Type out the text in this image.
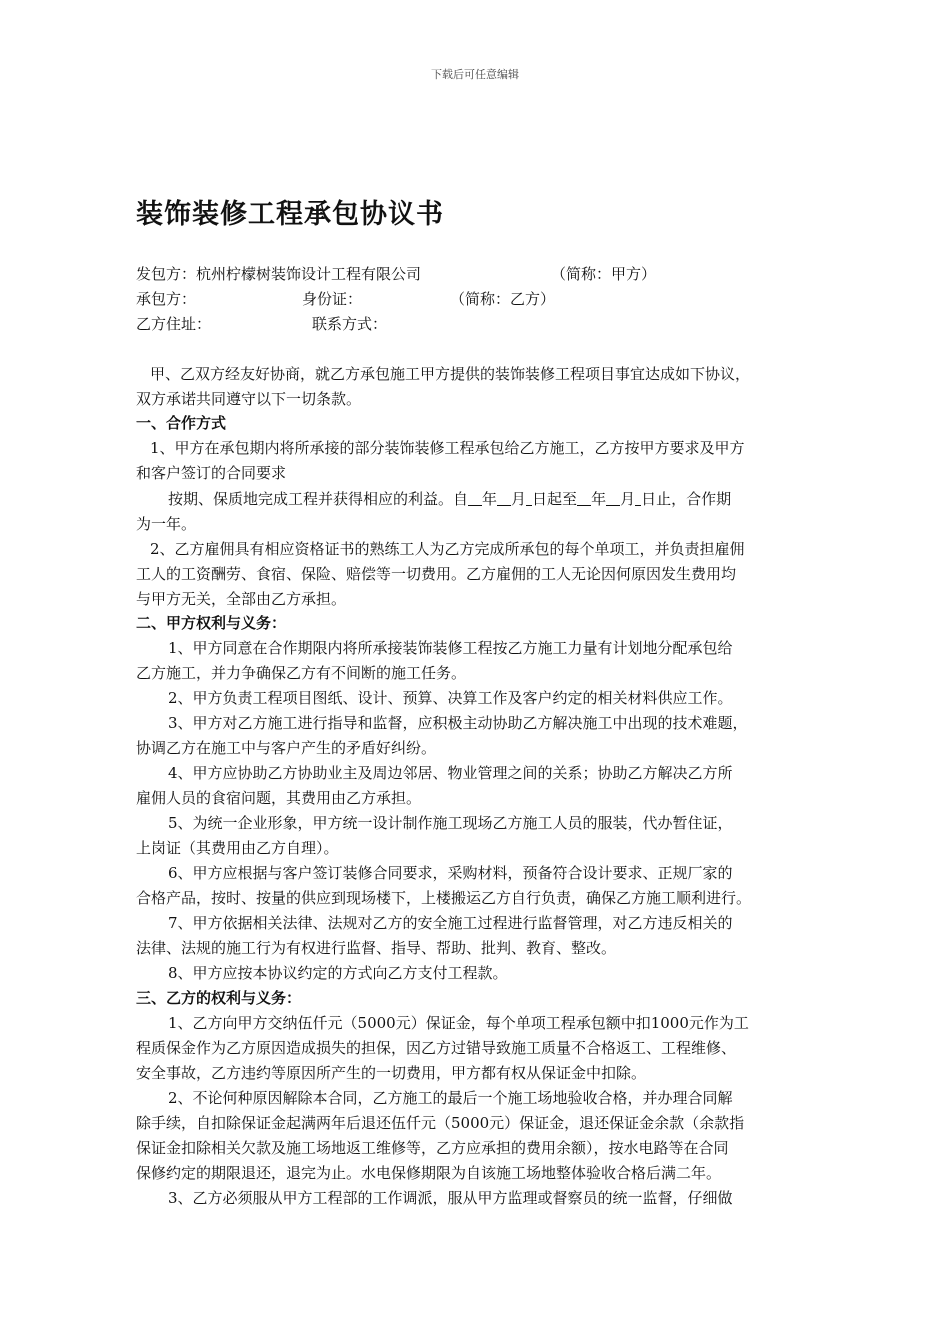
下载后可任意编辑
装饰装修工程承包协议书
发包方：杭州柠檬树装饰设计工程有限公司	（简称：甲方）
承包方：	身份证：	（简称：乙方）
乙方住址：	联系方式：
甲、乙双方经友好协商，就乙方承包施工甲方提供的装饰装修工程项目事宜达成如下协议，
双方承诺共同遵守以下一切条款。
一、合作方式
1、甲方在承包期内将所承接的部分装饰装修工程承包给乙方施工，乙方按甲方要求及甲方
和客户签订的合同要求
按期、保质地完成工程并获得相应的利益。自 年 月 日起至 年 月 日止，合作期
为一年。
2、乙方雇佣具有相应资格证书的熟练工人为乙方完成所承包的每个单项工，并负责担雇佣
工人的工资酬劳、食宿、保险、赔偿等一切费用。乙方雇佣的工人无论因何原因发生费用均
与甲方无关，全部由乙方承担。
二、甲方权利与义务：
1、甲方同意在合作期限内将所承接装饰装修工程按乙方施工力量有计划地分配承包给
乙方施工，并力争确保乙方有不间断的施工任务。
2、甲方负责工程项目图纸、设计、预算、决算工作及客户约定的相关材料供应工作。
3、甲方对乙方施工进行指导和监督，应积极主动协助乙方解决施工中出现的技术难题，
协调乙方在施工中与客户产生的矛盾好纠纷。
4、甲方应协助乙方协助业主及周边邻居、物业管理之间的关系；协助乙方解决乙方所
雇佣人员的食宿问题，其费用由乙方承担。
5、为统一企业形象，甲方统一设计制作施工现场乙方施工人员的服装，代办暂住证，
上岗证（其费用由乙方自理）。
6、甲方应根据与客户签订装修合同要求，采购材料，预备符合设计要求、正规厂家的
合格产品，按时、按量的供应到现场楼下，上楼搬运乙方自行负责，确保乙方施工顺利进行。
7、甲方依据相关法律、法规对乙方的安全施工过程进行监督管理，对乙方违反相关的
法律、法规的施工行为有权进行监督、指导、帮助、批判、教育、整改。
8、甲方应按本协议约定的方式向乙方支付工程款。
三、乙方的权利与义务：
1、乙方向甲方交纳伍仟元（5000元）保证金，每个单项工程承包额中扣1000元作为工
程质保金作为乙方原因造成损失的担保，因乙方过错导致施工质量不合格返工、工程维修、
安全事故，乙方违约等原因所产生的一切费用，甲方都有权从保证金中扣除。
2、不论何种原因解除本合同，乙方施工的最后一个施工场地验收合格，并办理合同解
除手续，自扣除保证金起满两年后退还伍仟元（5000元）保证金，退还保证金余款（余款指
保证金扣除相关欠款及施工场地返工维修等，乙方应承担的费用余额），按水电路等在合同
保修约定的期限退还，退完为止。水电保修期限为自该施工场地整体验收合格后满二年。
3、乙方必须服从甲方工程部的工作调派，服从甲方监理或督察员的统一监督，仔细做
